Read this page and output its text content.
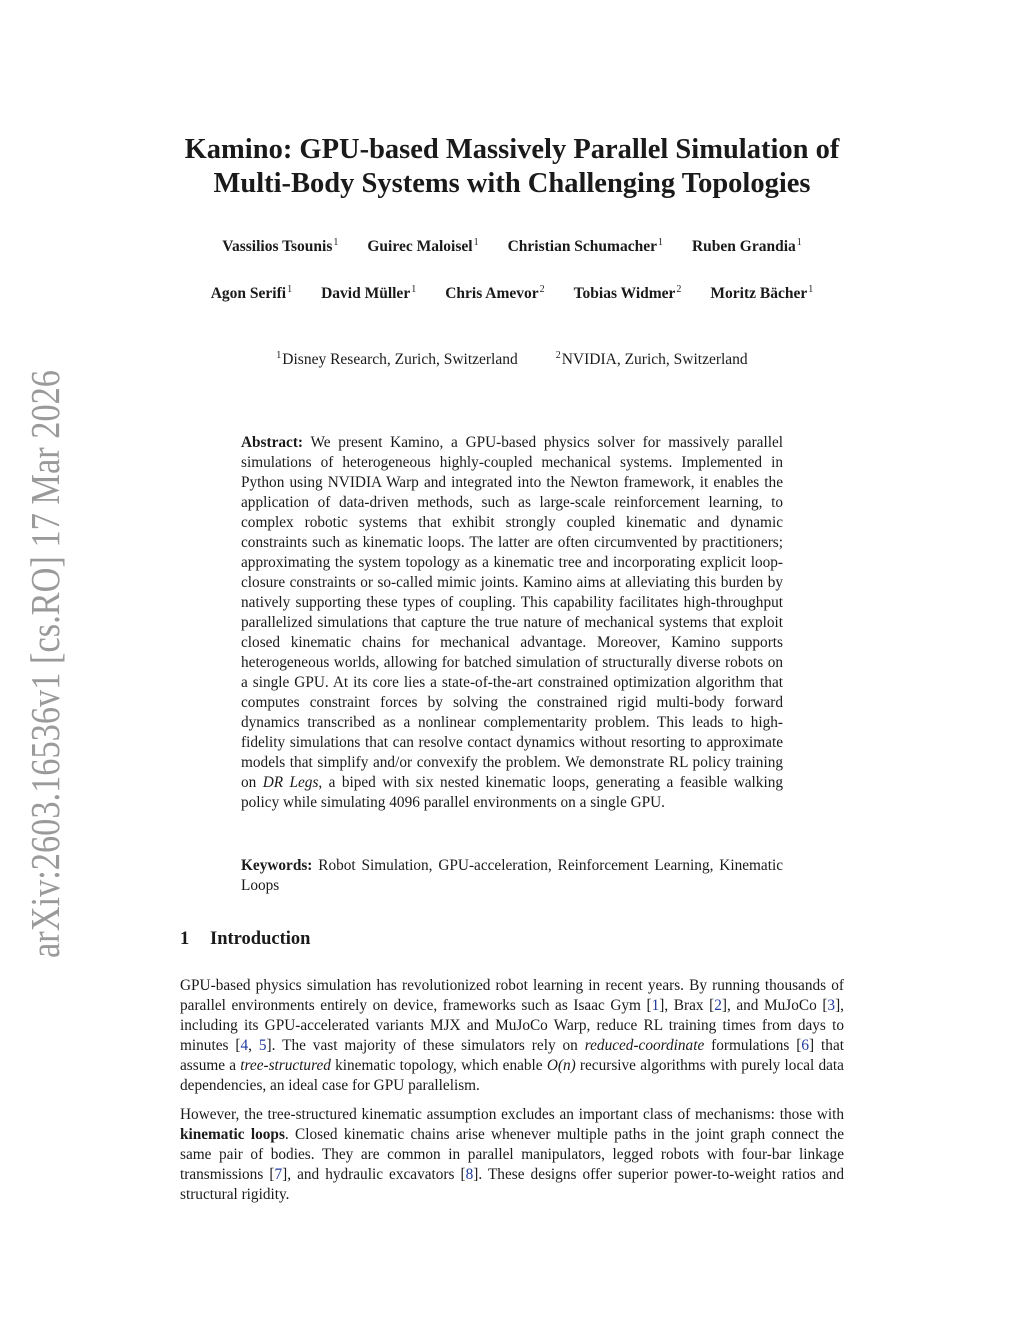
arXiv:2603.16536v1 [cs.RO] 17 Mar 2026
Kamino: GPU-based Massively Parallel Simulation of
Multi-Body Systems with Challenging Topologies
Vassilios Tsounis$^1$ Guirec Maloisel$^1$ Christian Schumacher$^1$ Ruben Grandia$^1$
Agon Serifi$^1$ David Müller$^1$ Chris Amevor$^2$ Tobias Widmer$^2$ Moritz Bächer$^1$
$^1$Disney Research, Zurich, Switzerland	$^2$NVIDIA, Zurich, Switzerland

Abstract: We present Kamino, a GPU-based physics solver for massively parallel simulations of heterogeneous highly-coupled mechanical systems. Implemented in Python using NVIDIA Warp and integrated into the Newton framework, it enables the application of data-driven methods, such as large-scale reinforcement learning, to complex robotic systems that exhibit strongly coupled kinematic and dynamic constraints such as kinematic loops. The latter are often circumvented by practitioners; approximating the system topology as a kinematic tree and incorporating explicit loop-closure constraints or so-called mimic joints. Kamino aims at alleviating this burden by natively supporting these types of coupling. This capability facilitates high-throughput parallelized simulations that capture the true nature of mechanical systems that exploit closed kinematic chains for mechanical advantage. Moreover, Kamino supports heterogeneous worlds, allowing for batched simulation of structurally diverse robots on a single GPU. At its core lies a state-of-the-art constrained optimization algorithm that computes constraint forces by solving the constrained rigid multi-body forward dynamics transcribed as a nonlinear complementarity problem. This leads to high-fidelity simulations that can resolve contact dynamics without resorting to approximate models that simplify and/or convexify the problem. We demonstrate RL policy training on DR Legs, a biped with six nested kinematic loops, generating a feasible walking policy while simulating 4096 parallel environments on a single GPU.

Keywords: Robot Simulation, GPU-acceleration, Reinforcement Learning, Kinematic Loops

1 Introduction

GPU-based physics simulation has revolutionized robot learning in recent years. By running thousands of parallel environments entirely on device, frameworks such as Isaac Gym [1], Brax [2], and MuJoCo [3], including its GPU-accelerated variants MJX and MuJoCo Warp, reduce RL training times from days to minutes [4, 5]. The vast majority of these simulators rely on reduced-coordinate formulations [6] that assume a tree-structured kinematic topology, which enable O(n) recursive algorithms with purely local data dependencies, an ideal case for GPU parallelism.

However, the tree-structured kinematic assumption excludes an important class of mechanisms: those with kinematic loops. Closed kinematic chains arise whenever multiple paths in the joint graph connect the same pair of bodies. They are common in parallel manipulators, legged robots with four-bar linkage transmissions [7], and hydraulic excavators [8]. These designs offer superior power-to-weight ratios and structural rigidity.
